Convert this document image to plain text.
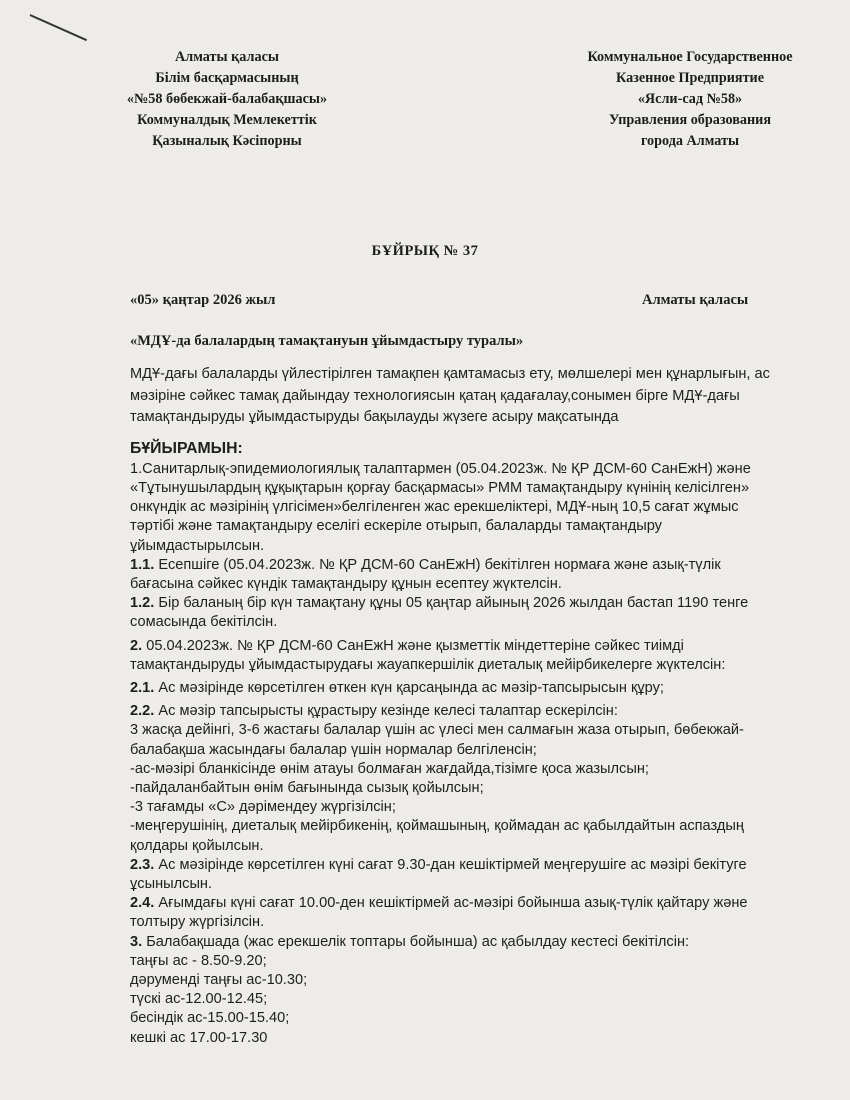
Алматы қаласы
Білім басқармасының
«№58 бөбекжай-балабақшасы»
Коммуналдық Мемлекеттік
Қазыналық Кәсіпорны
Коммунальное Государственное
Казенное Предприятие
«Ясли-сад №58»
Управления образования
города Алматы
БҰЙРЫҚ № 37
«05» қаңтар 2026 жыл	Алматы қаласы
«МДҰ-да балалардың тамақтануын ұйымдастыру туралы»

МДҰ-дағы балаларды үйлестірілген тамақпен қамтамасыз ету, мөлшелері мен құнарлығын, ас мәзіріне сәйкес тамақ дайындау технологиясын қатаң қадағалау,сонымен бірге МДҰ-дағы тамақтандыруды ұйымдастыруды бақылауды жүзеге асыру мақсатында

БҰЙЫРАМЫН:

1.Санитарлық-эпидемиологиялық талаптармен (05.04.2023ж. № ҚР ДСМ-60 СанЕжН) және «Тұтынушылардың құқықтарын қорғау басқармасы» РММ тамақтандыру күнінің келісілген» онкүндік ас мәзірінің үлгісімен»белгіленген жас ерекшеліктері, МДҰ-ның 10,5 сағат жұмыс тәртібі және тамақтандыру еселігі ескеріле отырып, балаларды тамақтандыру ұйымдастырылсын.

1.1. Есепшіге (05.04.2023ж. № ҚР ДСМ-60 СанЕжН) бекітілген нормаға және азық-түлік бағасына сәйкес күндік тамақтандыру құнын есептеу жүктелсін.

1.2. Бір баланың бір күн тамақтану құны 05 қаңтар айының 2026 жылдан бастап 1190 тенге сомасында бекітілсін.

2. 05.04.2023ж. № ҚР ДСМ-60 СанЕжН және қызметтік міндеттеріне сәйкес тиімді тамақтандыруды ұйымдастырудағы жауапкершілік диеталық мейірбикелерге жүктелсін:

2.1. Ас мәзірінде көрсетілген өткен күн қарсаңында ас мәзір-тапсырысын құру;

2.2. Ас мәзір тапсырысты құрастыру кезінде келесі талаптар ескерілсін:

3 жасқа дейінгі, 3-6 жастағы балалар үшін ас үлесі мен салмағын жаза отырып, бөбекжай-балабақша жасындағы балалар үшін нормалар белгіленсін;

-ас-мәзірі бланкісінде өнім атауы болмаған жағдайда,тізімге қоса жазылсын;

-пайдаланбайтын өнім бағынында сызық қойылсын;

-3 тағамды «С» дәрімендеу жүргізілсін;

-меңгерушінің, диеталық мейірбикенің, қоймашының, қоймадан ас қабылдайтын аспаздың қолдары қойылсын.

2.3. Ас мәзірінде көрсетілген күні сағат 9.30-дан кешіктірмей меңгерушіге ас мәзірі бекітуге ұсынылсын.

2.4. Ағымдағы күні сағат 10.00-ден кешіктірмей ас-мәзірі бойынша азық-түлік қайтару және толтыру жүргізілсін.

3. Балабақшада (жас ерекшелік топтары бойынша) ас қабылдау кестесі бекітілсін:

таңғы ас - 8.50-9.20;

дәруменді таңғы ас-10.30;

түскі ас-12.00-12.45;

бесіндік ас-15.00-15.40;

кешкі ас 17.00-17.30
